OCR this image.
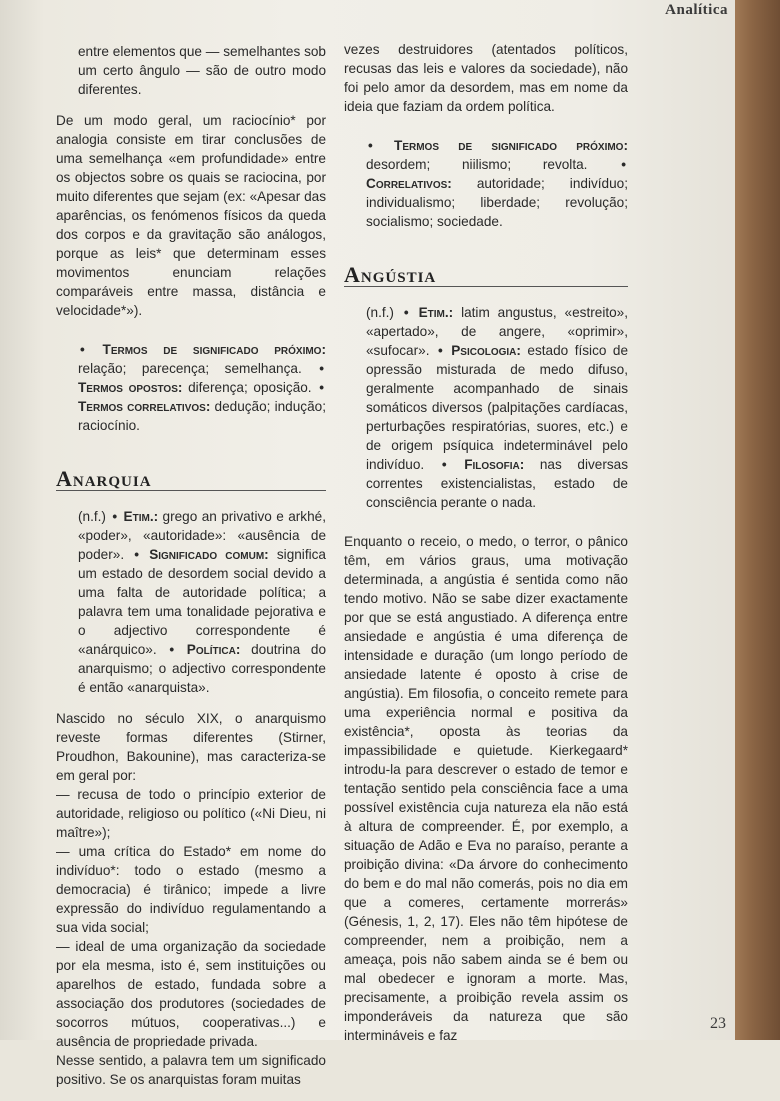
Analítica

entre elementos que — semelhantes sob um certo ângulo — são de outro modo diferentes.

De um modo geral, um raciocínio* por analogia consiste em tirar conclusões de uma semelhança «em profundidade» entre os objectos sobre os quais se raciocina, por muito diferentes que sejam (ex: «Apesar das aparências, os fenómenos físicos da queda dos corpos e da gravitação são análogos, porque as leis* que determinam esses movimentos enunciam relações comparáveis entre massa, distância e velocidade*»).

• Termos de significado próximo: relação; parecença; semelhança. • Termos opostos: diferença; oposição. • Termos correlativos: dedução; indução; raciocínio.
Anarquia
(n.f.) • Etim.: grego an privativo e arkhé, «poder», «autoridade»: «ausência de poder». • Significado comum: significa um estado de desordem social devido a uma falta de autoridade política; a palavra tem uma tonalidade pejorativa e o adjectivo correspondente é «anárquico». • Política: doutrina do anarquismo; o adjectivo correspondente é então «anarquista».

Nascido no século XIX, o anarquismo reveste formas diferentes (Stirner, Proudhon, Bakounine), mas caracteriza-se em geral por:

— recusa de todo o princípio exterior de autoridade, religioso ou político («Ni Dieu, ni maître»);

— uma crítica do Estado* em nome do indivíduo*: todo o estado (mesmo a democracia) é tirânico; impede a livre expressão do indivíduo regulamentando a sua vida social;

— ideal de uma organização da sociedade por ela mesma, isto é, sem instituições ou aparelhos de estado, fundada sobre a associação dos produtores (sociedades de socorros mútuos, cooperativas...) e ausência de propriedade privada.

Nesse sentido, a palavra tem um significado positivo. Se os anarquistas foram muitas

vezes destruidores (atentados políticos, recusas das leis e valores da sociedade), não foi pelo amor da desordem, mas em nome da ideia que faziam da ordem política.

• Termos de significado próximo: desordem; niilismo; revolta. • Correlativos: autoridade; indivíduo; individualismo; liberdade; revolução; socialismo; sociedade.
Angústia
(n.f.) • Etim.: latim angustus, «estreito», «apertado», de angere, «oprimir», «sufocar». • Psicologia: estado físico de opressão misturada de medo difuso, geralmente acompanhado de sinais somáticos diversos (palpitações cardíacas, perturbações respiratórias, suores, etc.) e de origem psíquica indeterminável pelo indivíduo. • Filosofia: nas diversas correntes existencialistas, estado de consciência perante o nada.

Enquanto o receio, o medo, o terror, o pânico têm, em vários graus, uma motivação determinada, a angústia é sentida como não tendo motivo. Não se sabe dizer exactamente por que se está angustiado. A diferença entre ansiedade e angústia é uma diferença de intensidade e duração (um longo período de ansiedade latente é oposto à crise de angústia). Em filosofia, o conceito remete para uma experiência normal e positiva da existência*, oposta às teorias da impassibilidade e quietude. Kierkegaard* introdu-la para descrever o estado de temor e tentação sentido pela consciência face a uma possível existência cuja natureza ela não está à altura de compreender. É, por exemplo, a situação de Adão e Eva no paraíso, perante a proibição divina: «Da árvore do conhecimento do bem e do mal não comerás, pois no dia em que a comeres, certamente morrerás» (Génesis, 1, 2, 17). Eles não têm hipótese de compreender, nem a proibição, nem a ameaça, pois não sabem ainda se é bem ou mal obedecer e ignoram a morte. Mas, precisamente, a proibição revela assim os imponderáveis da natureza que são intermináveis e faz

23
